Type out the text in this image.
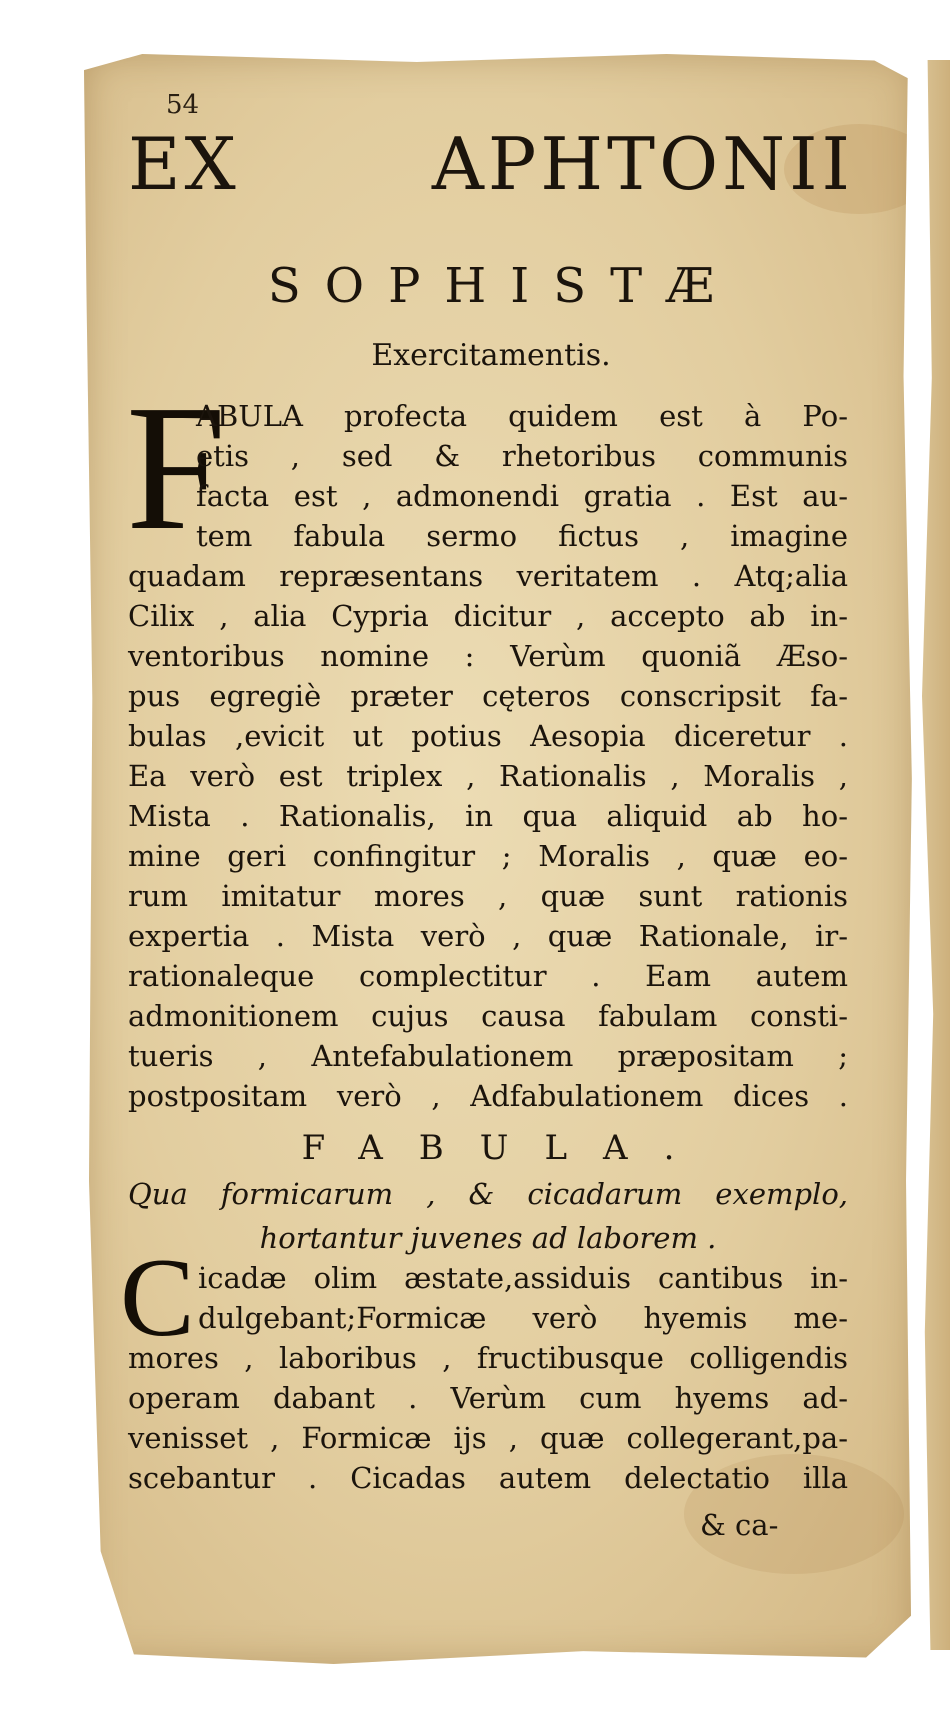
54
EX APHTONII
SOPHISTÆ
Exercitamentis.
F
ABULA profecta quidem est à Po-
etis , sed & rhetoribus communis
facta est , admonendi gratia . Est au-
tem fabula sermo fictus , imagine
quadam repræsentans veritatem . Atq;alia
Cilix , alia Cypria dicitur , accepto ab in-
ventoribus nomine : Verùm quoniã Æso-
pus egregiè præter cęteros conscripsit fa-
bulas ,evicit ut potius Aesopia diceretur .
Ea verò est triplex , Rationalis , Moralis ,
Mista . Rationalis, in qua aliquid ab ho-
mine geri confingitur ; Moralis , quæ eo-
rum imitatur mores , quæ sunt rationis
expertia . Mista verò , quæ Rationale, ir-
rationaleque complectitur . Eam autem
admonitionem cujus causa fabulam consti-
tueris , Antefabulationem præpositam ;
postpositam verò , Adfabulationem dices .
FABULA.
Qua formicarum , & cicadarum exemplo,
hortantur juvenes ad laborem .
C icadæ olim æstate,assiduis cantibus in-
dulgebant;Formicæ verò hyemis me-
mores , laboribus , fructibusque colligendis
operam dabant . Verùm cum hyems ad-
venisset , Formicæ ijs , quæ collegerant,pa-
scebantur . Cicadas autem delectatio illa
& ca-
